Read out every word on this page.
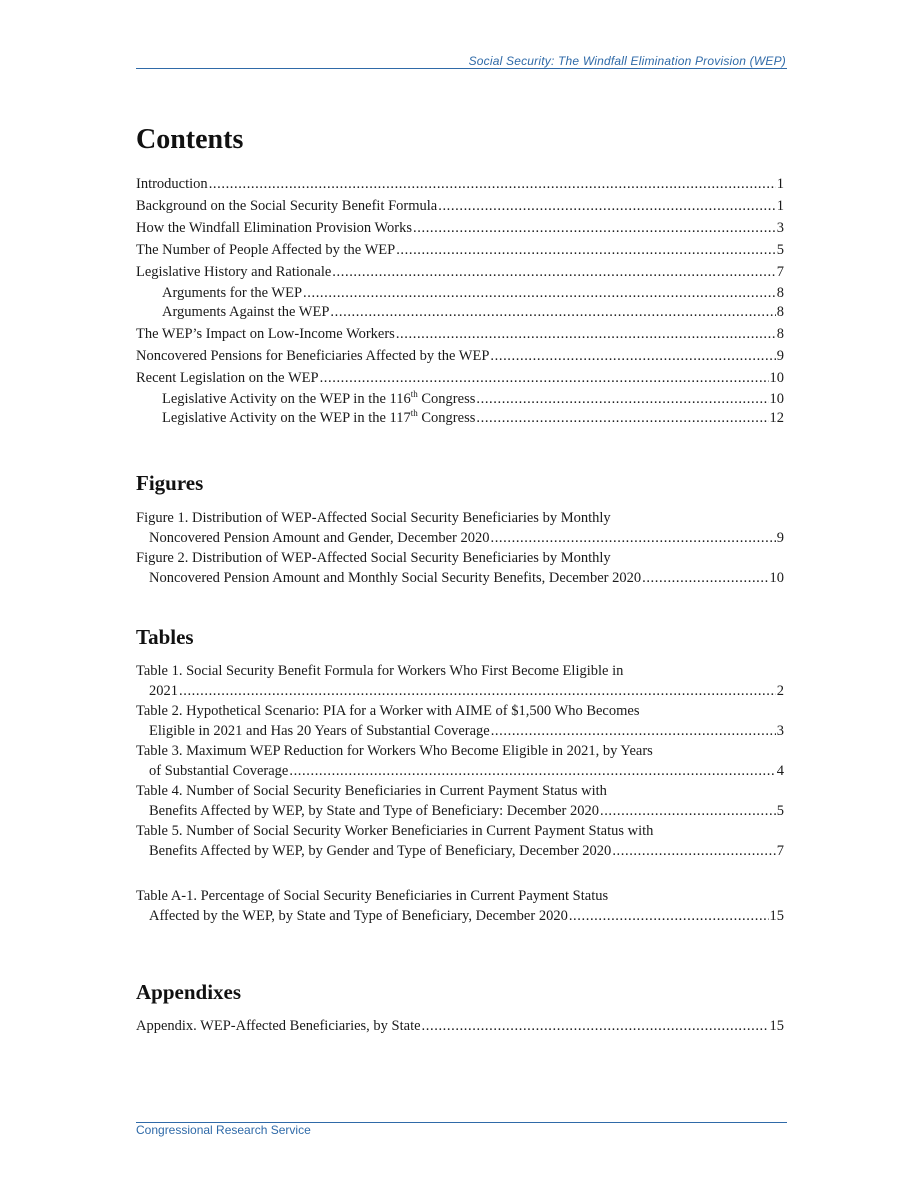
Social Security: The Windfall Elimination Provision (WEP)
Contents
Introduction .....	1
Background on the Social Security Benefit Formula .....	1
How the Windfall Elimination Provision Works .....	3
The Number of People Affected by the WEP .....	5
Legislative History and Rationale .....	7
Arguments for the WEP .....	8
Arguments Against the WEP .....	8
The WEP’s Impact on Low-Income Workers .....	8
Noncovered Pensions for Beneficiaries Affected by the WEP .....	9
Recent Legislation on the WEP .....	10
Legislative Activity on the WEP in the 116th Congress .....	10
Legislative Activity on the WEP in the 117th Congress .....	12
Figures
Figure 1. Distribution of WEP-Affected Social Security Beneficiaries by Monthly
Noncovered Pension Amount and Gender, December 2020 .....	9
Figure 2. Distribution of WEP-Affected Social Security Beneficiaries by Monthly
Noncovered Pension Amount and Monthly Social Security Benefits, December 2020 .....	10
Tables
Table 1. Social Security Benefit Formula for Workers Who First Become Eligible in
2021 .....	2
Table 2. Hypothetical Scenario: PIA for a Worker with AIME of $1,500 Who Becomes
Eligible in 2021 and Has 20 Years of Substantial Coverage .....	3
Table 3. Maximum WEP Reduction for Workers Who Become Eligible in 2021, by Years
of Substantial Coverage .....	4
Table 4. Number of Social Security Beneficiaries in Current Payment Status with
Benefits Affected by WEP, by State and Type of Beneficiary: December 2020 .....	5
Table 5. Number of Social Security Worker Beneficiaries in Current Payment Status with
Benefits Affected by WEP, by Gender and Type of Beneficiary, December 2020 .....	7
Table A-1. Percentage of Social Security Beneficiaries in Current Payment Status
Affected by the WEP, by State and Type of Beneficiary, December 2020 .....	15
Appendixes
Appendix. WEP-Affected Beneficiaries, by State .....	15
Congressional Research Service
